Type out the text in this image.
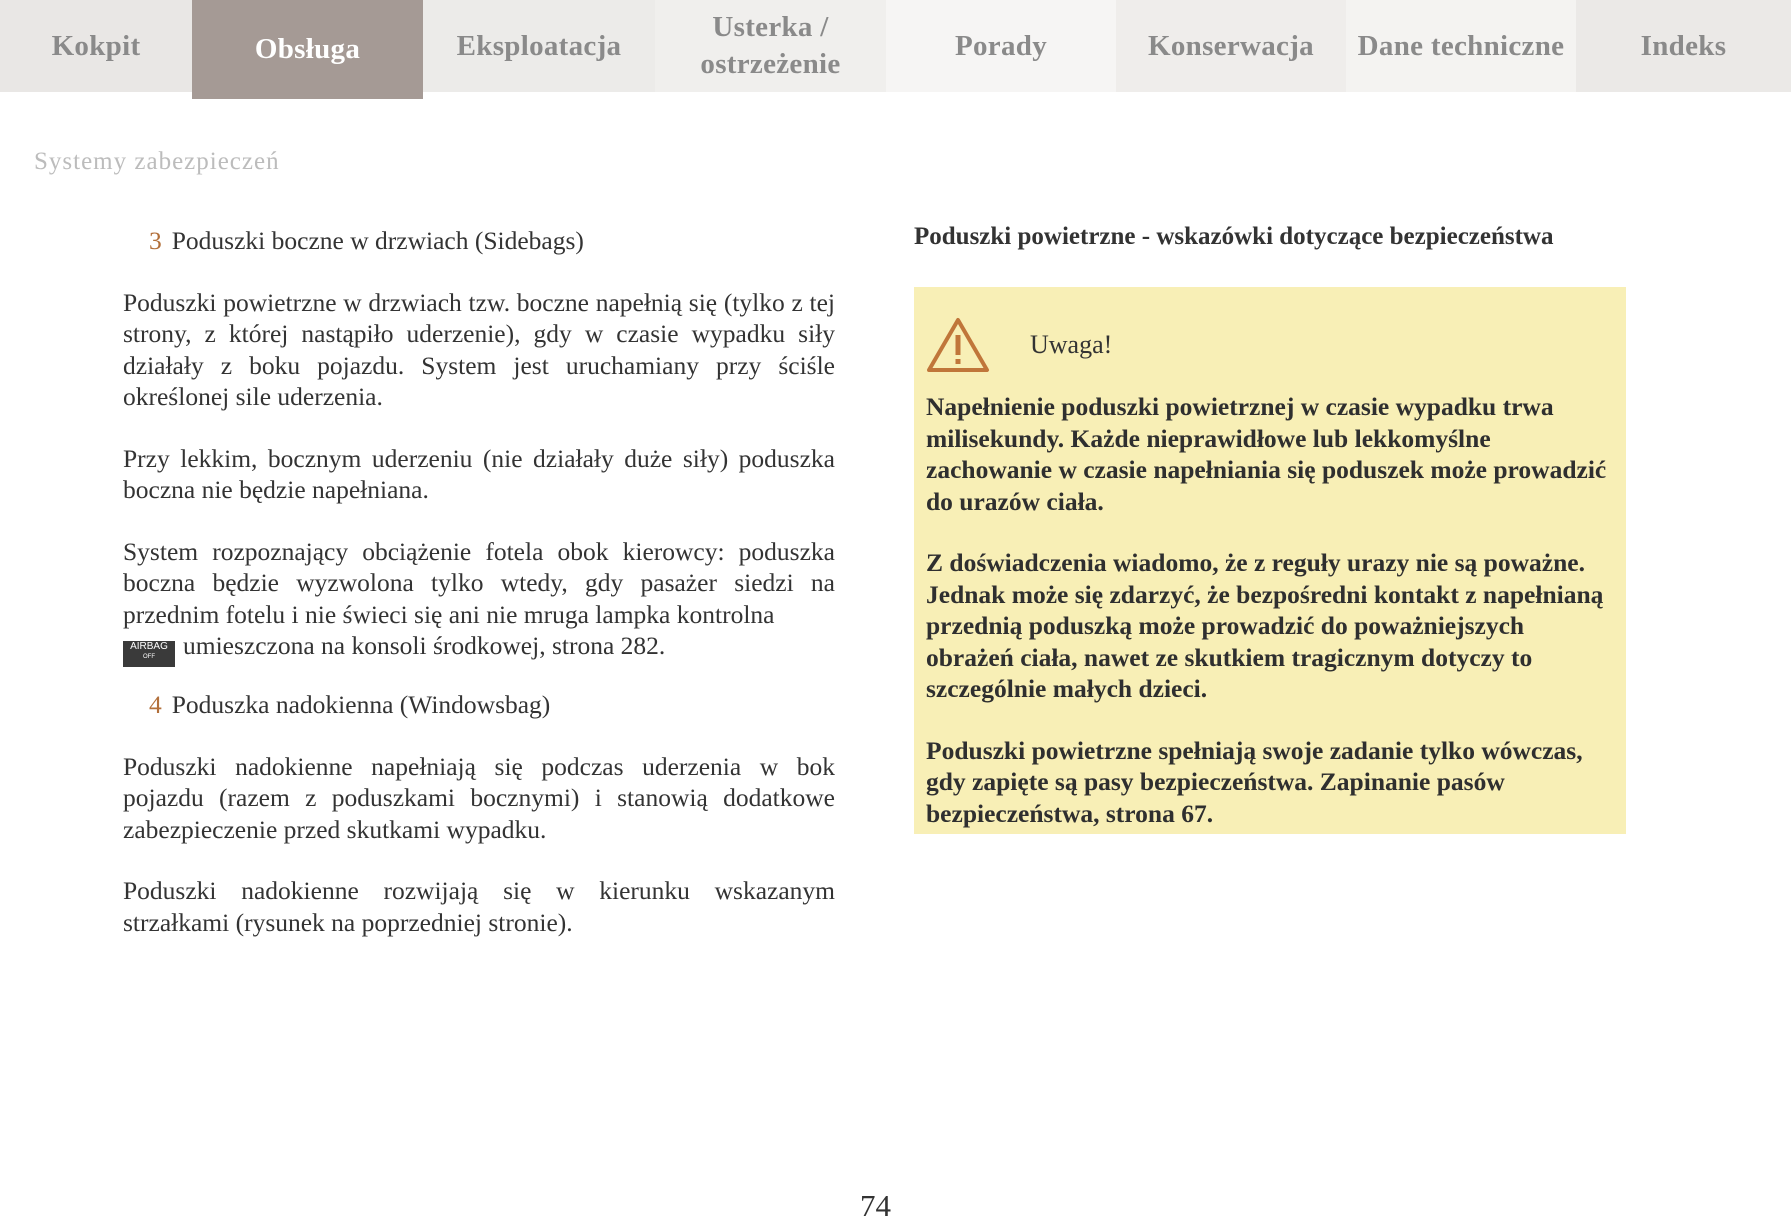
Kokpit	Obsługa	Eksploatacja
Usterka / ostrzeżenie
Porady	Konserwacja	Dane techniczne	Indeks
Systemy zabezpieczeń
3 Poduszki boczne w drzwiach (Sidebags)

Poduszki powietrzne w drzwiach tzw. boczne napełnią się (tylko z tej strony, z której nastąpiło uderzenie), gdy w czasie wypadku siły działały z boku pojazdu. System jest uruchamiany przy ściśle określonej sile uderzenia.

Przy lekkim, bocznym uderzeniu (nie działały duże siły) poduszka boczna nie będzie napełniana.

System rozpoznający obciążenie fotela obok kierowcy: poduszka boczna będzie wyzwolona tylko wtedy, gdy pasażer siedzi na przednim fotelu i nie świeci się ani nie mruga lampka kontrolna
AIRBAG
OFF	umieszczona na konsoli środkowej, strona 282.

4 Poduszka nadokienna (Windowsbag)

Poduszki nadokienne napełniają się podczas uderzenia w bok pojazdu (razem z poduszkami bocznymi) i stanowią dodatkowe zabezpieczenie przed skutkami wypadku.

Poduszki nadokienne rozwijają się w kierunku wskazanym strzałkami (rysunek na poprzedniej stronie).

Poduszki powietrzne - wskazówki dotyczące bezpieczeństwa
Uwaga!

Napełnienie poduszki powietrznej w czasie wypadku trwa milisekundy. Każde nieprawidłowe lub lekkomyślne zachowanie w czasie napełniania się poduszek może prowadzić do urazów ciała.

Z doświadczenia wiadomo, że z reguły urazy nie są poważne. Jednak może się zdarzyć, że bezpośredni kontakt z napełnianą przednią poduszką może prowadzić do poważniejszych obrażeń ciała, nawet ze skutkiem tragicznym dotyczy to szczególnie małych dzieci.

Poduszki powietrzne spełniają swoje zadanie tylko wówczas, gdy zapięte są pasy bezpieczeństwa. Zapinanie pasów bezpieczeństwa, strona 67.

74
